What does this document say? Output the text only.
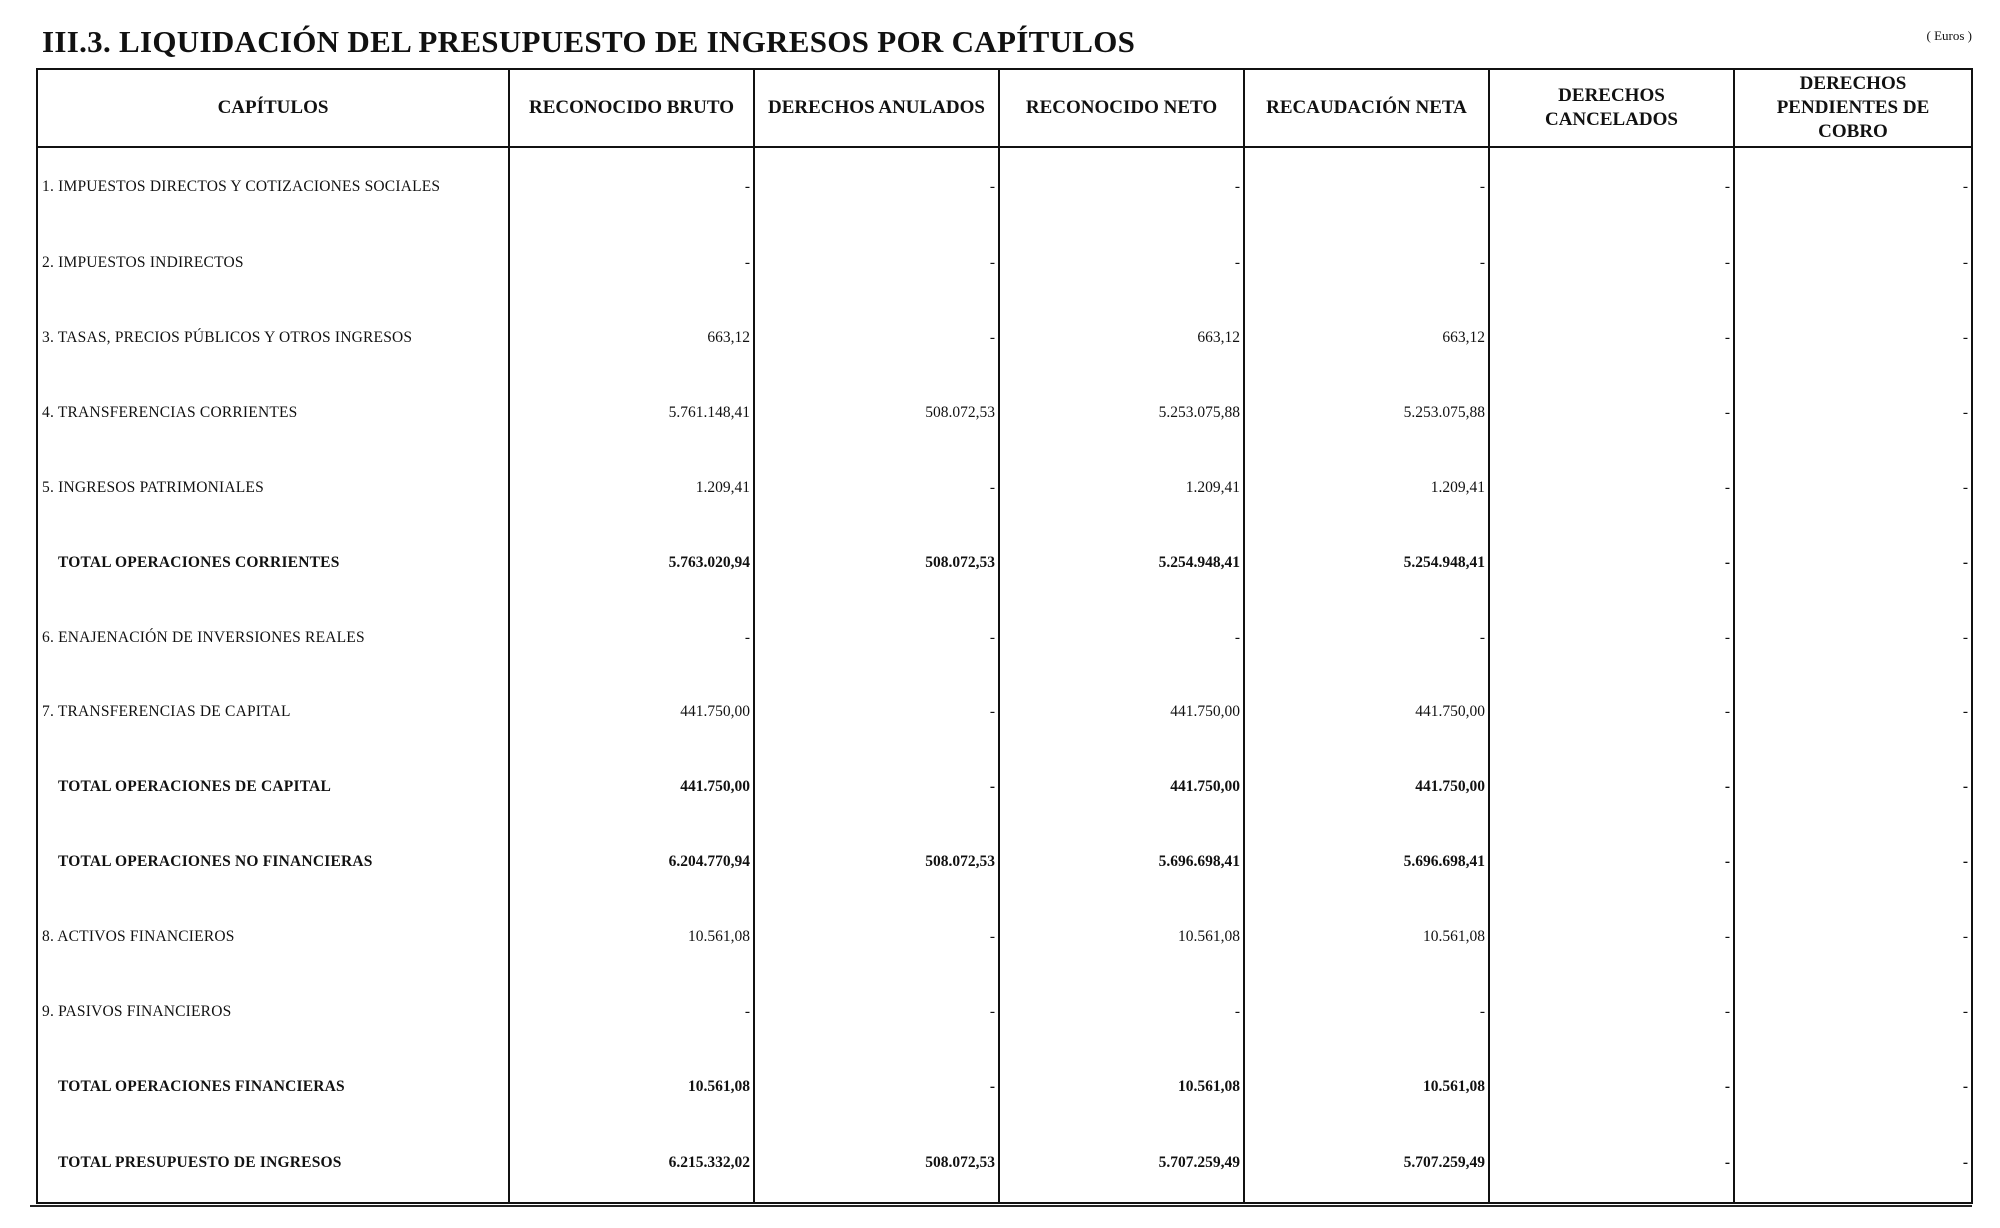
III.3. LIQUIDACIÓN DEL PRESUPUESTO DE INGRESOS POR CAPÍTULOS	( Euros )
CAPÍTULOS	RECONOCIDO BRUTO	DERECHOS ANULADOS	RECONOCIDO NETO	RECAUDACIÓN NETA	DERECHOS CANCELADOS	DERECHOS PENDIENTES DE COBRO
1. IMPUESTOS DIRECTOS Y COTIZACIONES SOCIALES	-	-	-	-	-	-
2. IMPUESTOS INDIRECTOS	-	-	-	-	-	-
3. TASAS, PRECIOS PÚBLICOS Y OTROS INGRESOS	663,12	-	663,12	663,12	-	-
4. TRANSFERENCIAS CORRIENTES	5.761.148,41	508.072,53	5.253.075,88	5.253.075,88	-	-
5. INGRESOS PATRIMONIALES	1.209,41	-	1.209,41	1.209,41	-	-
TOTAL OPERACIONES CORRIENTES	5.763.020,94	508.072,53	5.254.948,41	5.254.948,41	-	-
6. ENAJENACIÓN DE INVERSIONES REALES	-	-	-	-	-	-
7. TRANSFERENCIAS DE CAPITAL	441.750,00	-	441.750,00	441.750,00	-	-
TOTAL OPERACIONES DE CAPITAL	441.750,00	-	441.750,00	441.750,00	-	-
TOTAL OPERACIONES NO FINANCIERAS	6.204.770,94	508.072,53	5.696.698,41	5.696.698,41	-	-
8. ACTIVOS FINANCIEROS	10.561,08	-	10.561,08	10.561,08	-	-
9. PASIVOS FINANCIEROS	-	-	-	-	-	-
TOTAL OPERACIONES FINANCIERAS	10.561,08	-	10.561,08	10.561,08	-	-
TOTAL PRESUPUESTO DE INGRESOS	6.215.332,02	508.072,53	5.707.259,49	5.707.259,49	-	-
